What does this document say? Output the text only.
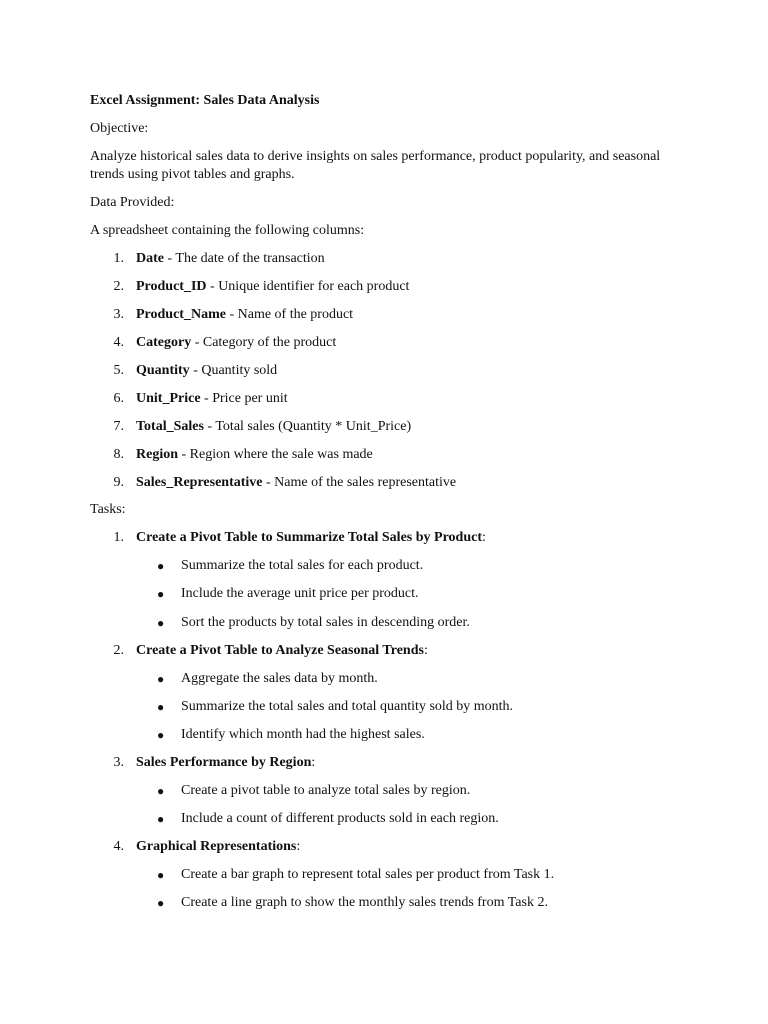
Excel Assignment: Sales Data Analysis
Objective:
Analyze historical sales data to derive insights on sales performance, product popularity, and seasonal trends using pivot tables and graphs.
Data Provided:
A spreadsheet containing the following columns:
1. Date - The date of the transaction
2. Product_ID - Unique identifier for each product
3. Product_Name - Name of the product
4. Category - Category of the product
5. Quantity - Quantity sold
6. Unit_Price - Price per unit
7. Total_Sales - Total sales (Quantity * Unit_Price)
8. Region - Region where the sale was made
9. Sales_Representative - Name of the sales representative
Tasks:
1. Create a Pivot Table to Summarize Total Sales by Product:
● Summarize the total sales for each product.
● Include the average unit price per product.
● Sort the products by total sales in descending order.
2. Create a Pivot Table to Analyze Seasonal Trends:
● Aggregate the sales data by month.
● Summarize the total sales and total quantity sold by month.
● Identify which month had the highest sales.
3. Sales Performance by Region:
● Create a pivot table to analyze total sales by region.
● Include a count of different products sold in each region.
4. Graphical Representations:
● Create a bar graph to represent total sales per product from Task 1.
● Create a line graph to show the monthly sales trends from Task 2.
